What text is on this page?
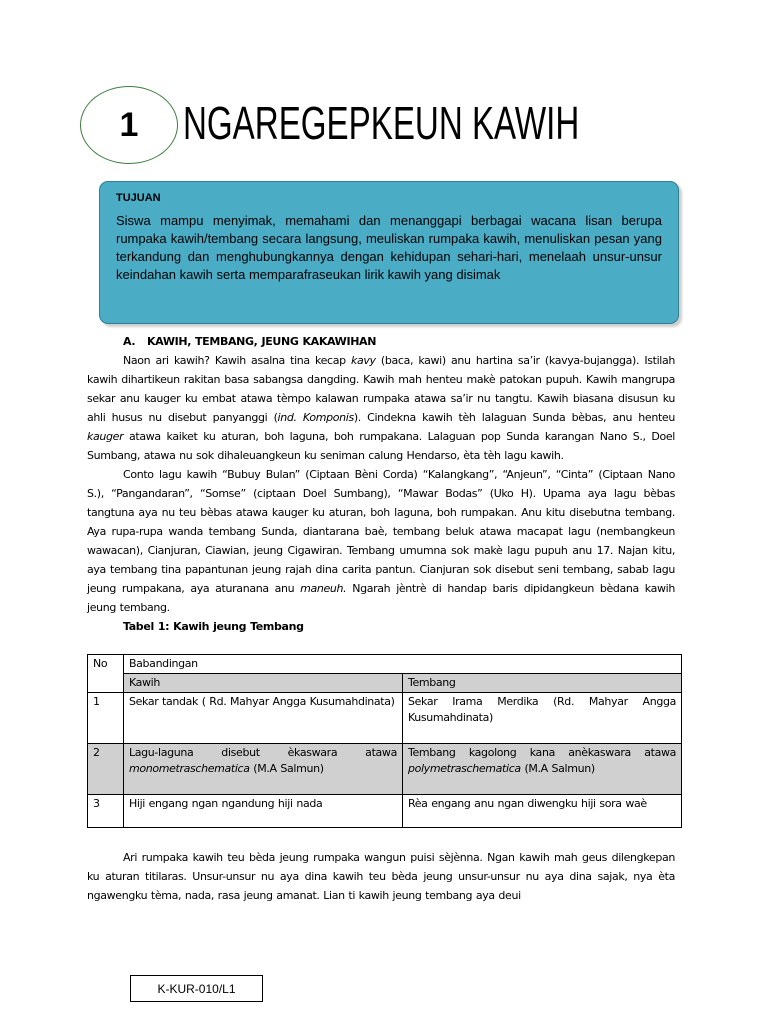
1 NGAREGEPKEUN KAWIH
TUJUAN
Siswa mampu menyimak, memahami dan menanggapi berbagai wacana lisan berupa rumpaka kawih/tembang secara langsung, meuliskan rumpaka kawih, menuliskan pesan yang terkandung dan menghubungkannya dengan kehidupan sehari-hari, menelaah unsur-unsur keindahan kawih serta memparafraseukan lirik kawih yang disimak
A. KAWIH, TEMBANG, JEUNG KAKAWIHAN

Naon ari kawih? Kawih asalna tina kecap kavy (baca, kawi) anu hartina sa’ir (kavya-bujangga). Istilah kawih dihartikeun rakitan basa sabangsa dangding. Kawih mah henteu makè patokan pupuh. Kawih mangrupa sekar anu kauger ku embat atawa tèmpo kalawan rumpaka atawa sa’ir nu tangtu. Kawih biasana disusun ku ahli husus nu disebut panyanggi (ind. Komponis). Cindekna kawih tèh lalaguan Sunda bèbas, anu henteu kauger atawa kaiket ku aturan, boh laguna, boh rumpakana. Lalaguan pop Sunda karangan Nano S., Doel Sumbang, atawa nu sok dihaleuangkeun ku seniman calung Hendarso, èta tèh lagu kawih.

Conto lagu kawih “Bubuy Bulan” (Ciptaan Bèni Corda) “Kalangkang”, “Anjeun”, “Cinta” (Ciptaan Nano S.), “Pangandaran”, “Somse” (ciptaan Doel Sumbang), “Mawar Bodas” (Uko H). Upama aya lagu bèbas tangtuna aya nu teu bèbas atawa kauger ku aturan, boh laguna, boh rumpakan. Anu kitu disebutna tembang. Aya rupa-rupa wanda tembang Sunda, diantarana baè, tembang beluk atawa macapat lagu (nembangkeun wawacan), Cianjuran, Ciawian, jeung Cigawiran. Tembang umumna sok makè lagu pupuh anu 17. Najan kitu, aya tembang tina papantunan jeung rajah dina carita pantun. Cianjuran sok disebut seni tembang, sabab lagu jeung rumpakana, aya aturanana anu maneuh. Ngarah jèntrè di handap baris dipidangkeun bèdana kawih jeung tembang.

Tabel 1: Kawih jeung Tembang
No	Babandingan	
	Kawih	Tembang
1	Sekar tandak ( Rd. Mahyar Angga Kusumahdinata)	Sekar Irama Merdika (Rd. Mahyar Angga Kusumahdinata)
2	Lagu-laguna disebut èkaswara atawa monometraschematica (M.A Salmun)	Tembang kagolong kana anèkaswara atawa polymetraschematica (M.A Salmun)
3	Hiji engang ngan ngandung hiji nada	Rèa engang anu ngan diwengku hiji sora waè

Ari rumpaka kawih teu bèda jeung rumpaka wangun puisi sèjènna. Ngan kawih mah geus dilengkepan ku aturan titilaras. Unsur-unsur nu aya dina kawih teu bèda jeung unsur-unsur nu aya dina sajak, nya èta ngawengku tèma, nada, rasa jeung amanat. Lian ti kawih jeung tembang aya deui

K-KUR-010/L1
